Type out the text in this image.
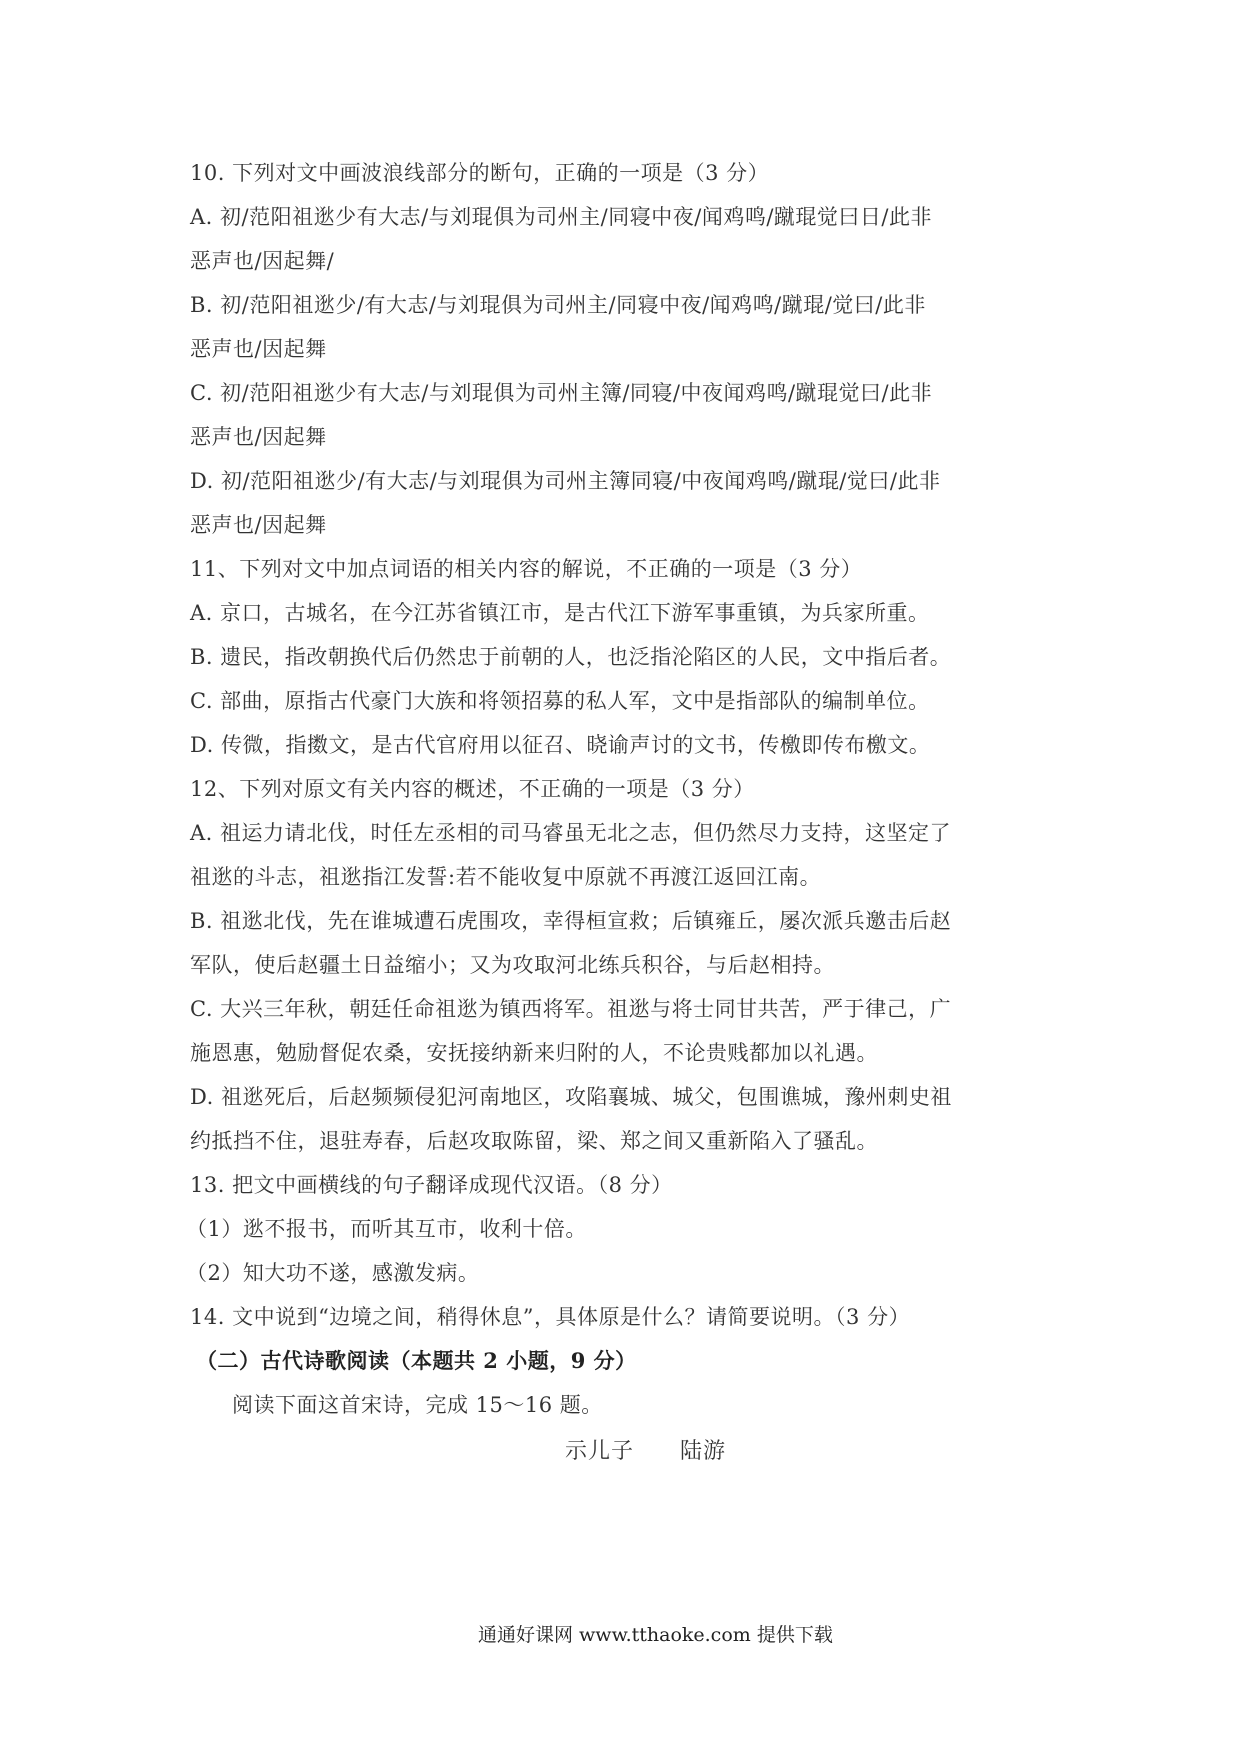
10. 下列对文中画波浪线部分的断句，正确的一项是（3 分）
A. 初/范阳祖逖少有大志/与刘琨俱为司州主/同寝中夜/闻鸡鸣/蹴琨觉曰日/此非
恶声也/因起舞/
B. 初/范阳祖逖少/有大志/与刘琨俱为司州主/同寝中夜/闻鸡鸣/蹴琨/觉曰/此非
恶声也/因起舞
C. 初/范阳祖逖少有大志/与刘琨俱为司州主簿/同寝/中夜闻鸡鸣/蹴琨觉曰/此非
恶声也/因起舞
D. 初/范阳祖逖少/有大志/与刘琨俱为司州主簿同寝/中夜闻鸡鸣/蹴琨/觉曰/此非
恶声也/因起舞
11、下列对文中加点词语的相关内容的解说，不正确的一项是（3 分）
A. 京口，古城名，在今江苏省镇江市，是古代江下游军事重镇，为兵家所重。
B. 遗民，指改朝换代后仍然忠于前朝的人，也泛指沦陷区的人民，文中指后者。
C. 部曲，原指古代豪门大族和将领招募的私人军，文中是指部队的编制单位。
D. 传微，指擞文，是古代官府用以征召、晓谕声讨的文书，传檄即传布檄文。
12、下列对原文有关内容的概述，不正确的一项是（3 分）
A. 祖运力请北伐，时任左丞相的司马睿虽无北之志，但仍然尽力支持，这坚定了
祖逖的斗志，祖逖指江发誓:若不能收复中原就不再渡江返回江南。
B. 祖逖北伐，先在谁城遭石虎围攻，幸得桓宣救；后镇雍丘，屡次派兵邀击后赵
军队，使后赵疆土日益缩小；又为攻取河北练兵积谷，与后赵相持。
C. 大兴三年秋，朝廷任命祖逖为镇西将军。祖逖与将士同甘共苦，严于律己，广
施恩惠，勉励督促农桑，安抚接纳新来归附的人，不论贵贱都加以礼遇。
D. 祖逖死后，后赵频频侵犯河南地区，攻陷襄城、城父，包围谯城，豫州刺史祖
约抵挡不住，退驻寿春，后赵攻取陈留，梁、郑之间又重新陷入了骚乱。
13. 把文中画横线的句子翻译成现代汉语。（8 分）
（1）逖不报书，而听其互市，收利十倍。
（2）知大功不遂，感激发病。
14. 文中说到“边境之间，稍得休息”，具体原是什么？请简要说明。（3 分）
（二）古代诗歌阅读（本题共 2 小题，9 分）
阅读下面这首宋诗，完成 15～16 题。
示儿子　　陆游
通通好课网 www.tthaoke.com 提供下载
